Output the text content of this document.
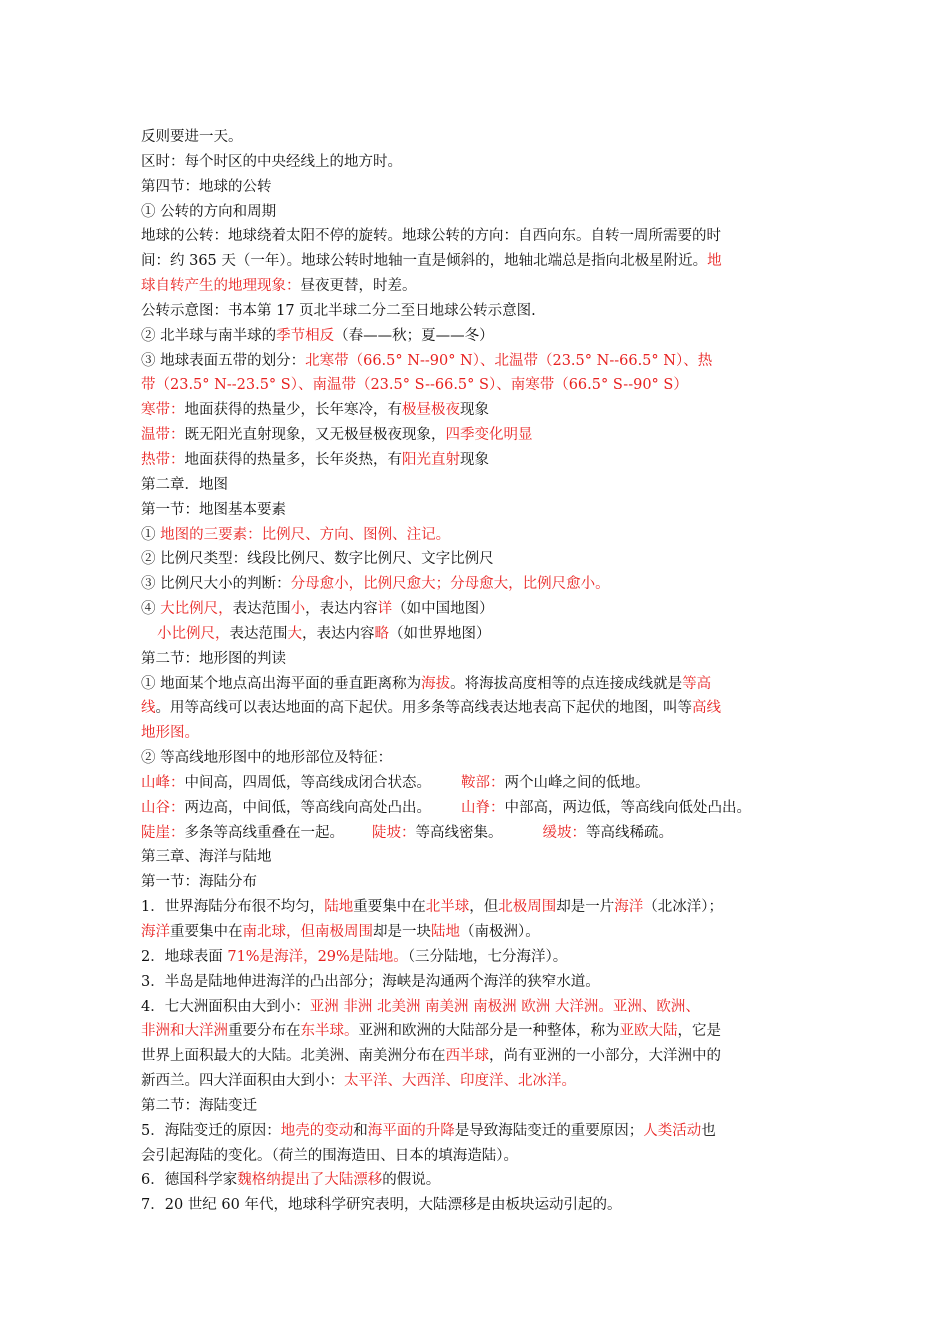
反则要进一天。
区时：每个时区的中央经线上的地方时。
第四节：地球的公转
① 公转的方向和周期
地球的公转：地球绕着太阳不停的旋转。地球公转的方向：自西向东。自转一周所需要的时
间：约 365 天（一年）。地球公转时地轴一直是倾斜的，地轴北端总是指向北极星附近。地
球自转产生的地理现象：昼夜更替，时差。
公转示意图：书本第 17 页北半球二分二至日地球公转示意图.
② 北半球与南半球的季节相反（春——秋；夏——冬）
③ 地球表面五带的划分：北寒带（66.5° N--90° N）、北温带（23.5° N--66.5° N）、热
带（23.5° N--23.5° S）、南温带（23.5° S--66.5° S）、南寒带（66.5° S--90° S）
寒带：地面获得的热量少，长年寒冷，有极昼极夜现象
温带：既无阳光直射现象，又无极昼极夜现象，四季变化明显
热带：地面获得的热量多，长年炎热，有阳光直射现象
第二章．地图
第一节：地图基本要素
① 地图的三要素：比例尺、方向、图例、注记。
② 比例尺类型：线段比例尺、数字比例尺、文字比例尺
③ 比例尺大小的判断：分母愈小，比例尺愈大；分母愈大，比例尺愈小。
④ 大比例尺，表达范围小，表达内容详（如中国地图）
小比例尺，表达范围大，表达内容略（如世界地图）
第二节：地形图的判读
① 地面某个地点高出海平面的垂直距离称为海拔。将海拔高度相等的点连接成线就是等高
线。用等高线可以表达地面的高下起伏。用多条等高线表达地表高下起伏的地图，叫等高线
地形图。
② 等高线地形图中的地形部位及特征：
山峰：中间高，四周低，等高线成闭合状态。 鞍部：两个山峰之间的低地。
山谷：两边高，中间低，等高线向高处凸出。 山脊：中部高，两边低，等高线向低处凸出。
陡崖：多条等高线重叠在一起。 陡坡：等高线密集。	缓坡：等高线稀疏。
第三章、海洋与陆地
第一节：海陆分布
1．世界海陆分布很不均匀，陆地重要集中在北半球，但北极周围却是一片海洋（北冰洋）；
海洋重要集中在南北球，但南极周围却是一块陆地（南极洲）。
2．地球表面 71%是海洋，29%是陆地。（三分陆地，七分海洋）。
3．半岛是陆地伸进海洋的凸出部分；海峡是沟通两个海洋的狭窄水道。
4．七大洲面积由大到小：亚洲 非洲 北美洲 南美洲 南极洲 欧洲 大洋洲。亚洲、欧洲、
非洲和大洋洲重要分布在东半球。亚洲和欧洲的大陆部分是一种整体，称为亚欧大陆，它是
世界上面积最大的大陆。北美洲、南美洲分布在西半球，尚有亚洲的一小部分，大洋洲中的
新西兰。四大洋面积由大到小：太平洋、大西洋、印度洋、北冰洋。
第二节：海陆变迁
5．海陆变迁的原因：地壳的变动和海平面的升降是导致海陆变迁的重要原因；人类活动也
会引起海陆的变化。（荷兰的围海造田、日本的填海造陆）。
6．德国科学家魏格纳提出了大陆漂移的假说。
7．20 世纪 60 年代，地球科学研究表明，大陆漂移是由板块运动引起的。
